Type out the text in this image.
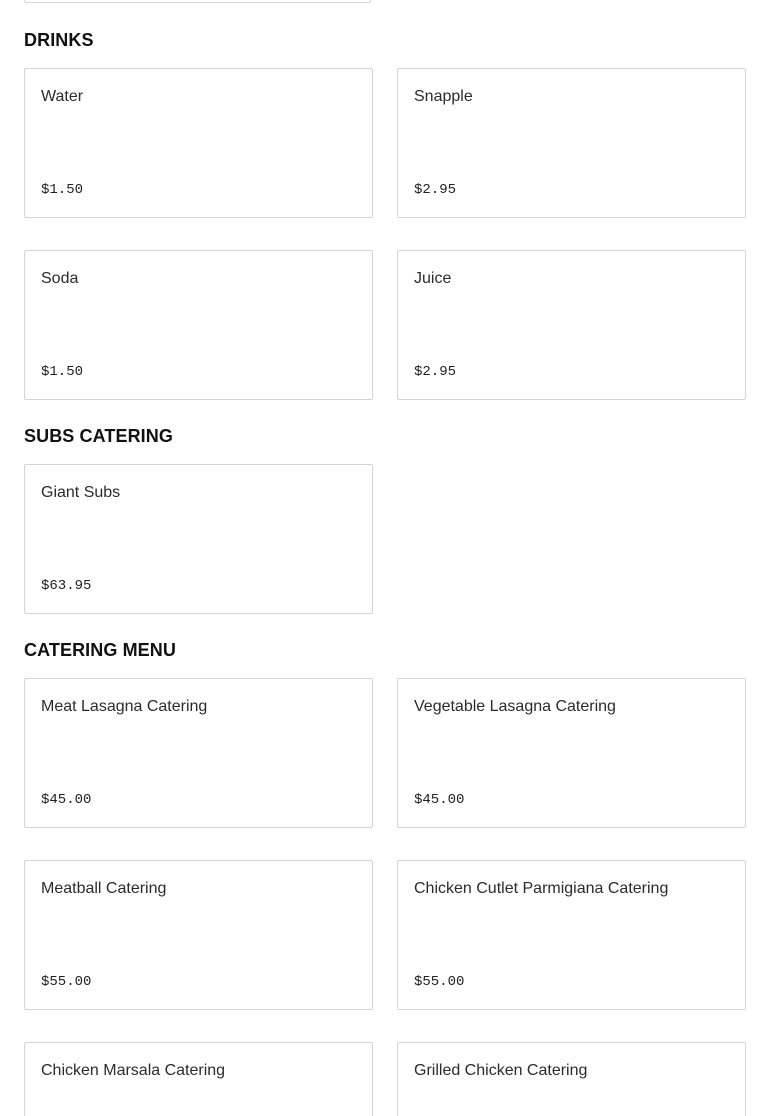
DRINKS
Water
$1.50
Snapple
$2.95
Soda
$1.50
Juice
$2.95
SUBS CATERING
Giant Subs
$63.95
CATERING MENU
Meat Lasagna Catering
$45.00
Vegetable Lasagna Catering
$45.00
Meatball Catering
$55.00
Chicken Cutlet Parmigiana Catering
$55.00
Chicken Marsala Catering	Grilled Chicken Catering
